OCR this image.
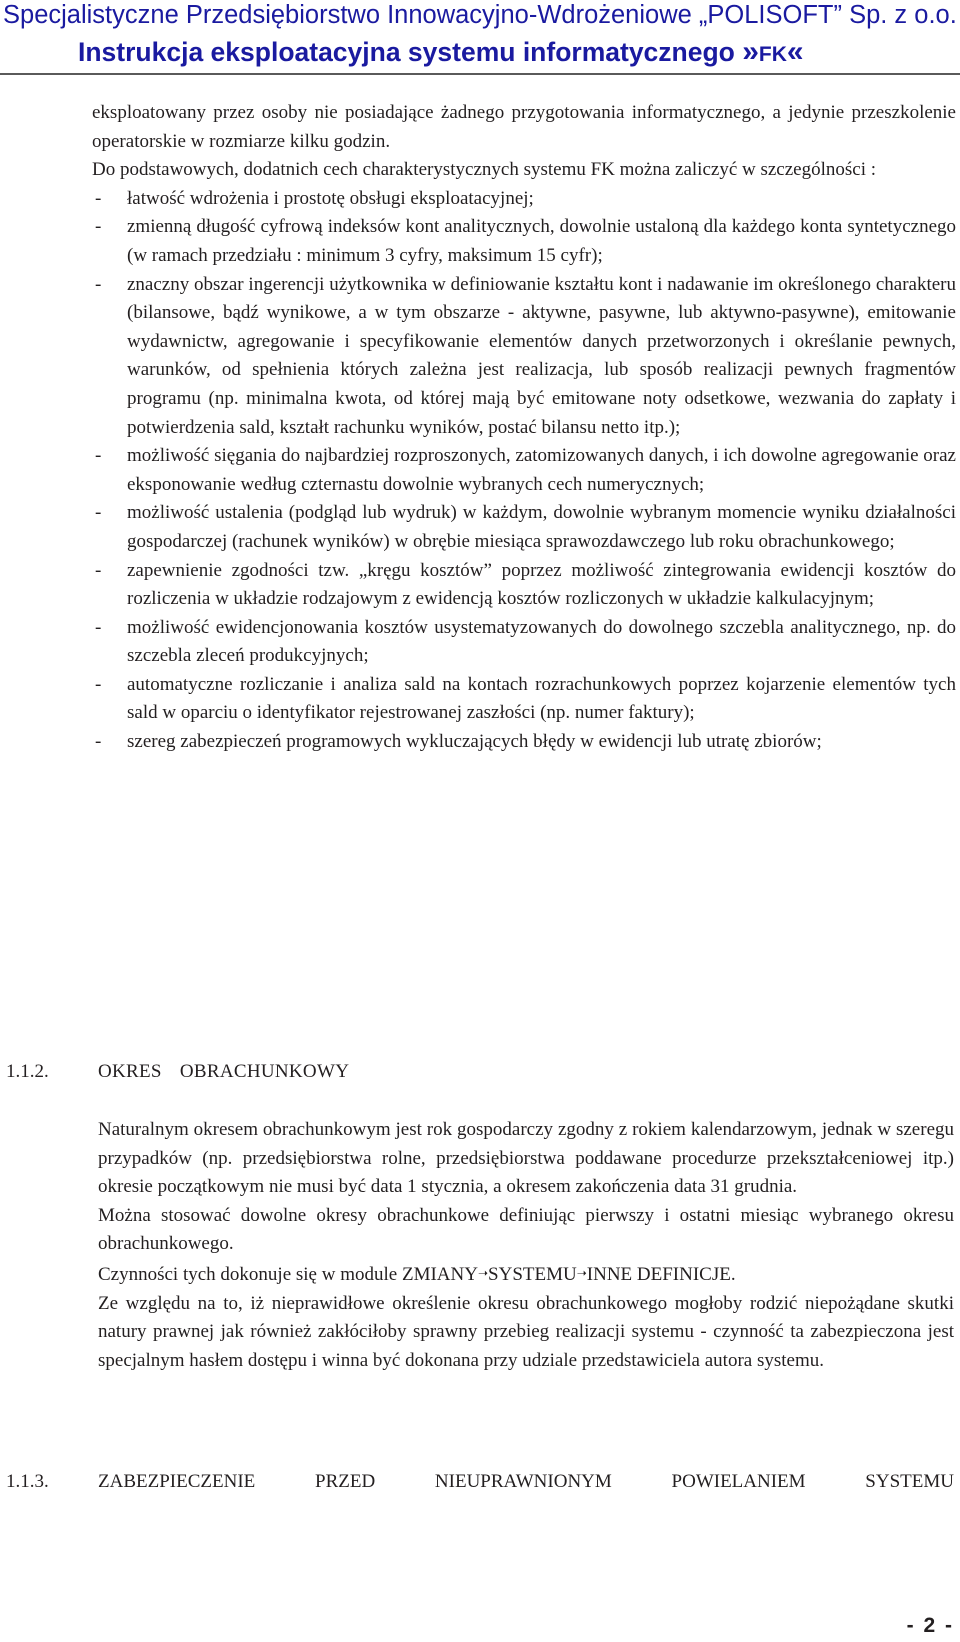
Specjalistyczne Przedsiębiorstwo Innowacyjno-Wdrożeniowe „POLISOFT” Sp. z o.o.
Instrukcja eksploatacyjna systemu informatycznego »FK«

eksploatowany przez osoby nie posiadające żadnego przygotowania informatycznego, a jedynie przeszkolenie operatorskie w rozmiarze kilku godzin.

Do podstawowych, dodatnich cech charakterystycznych systemu FK można zaliczyć w szczególności :

- łatwość wdrożenia i prostotę obsługi eksploatacyjnej;
- zmienną długość cyfrową indeksów kont analitycznych, dowolnie ustaloną dla każdego konta syntetycznego (w ramach przedziału : minimum 3 cyfry, maksimum 15 cyfr);
- znaczny obszar ingerencji użytkownika w definiowanie kształtu kont i nadawanie im określonego charakteru (bilansowe, bądź wynikowe, a w tym obszarze - aktywne, pasywne, lub aktywno-pasywne), emitowanie wydawnictw, agregowanie i specyfikowanie elementów danych przetworzonych i określanie pewnych, warunków, od spełnienia których zależna jest realizacja, lub sposób realizacji pewnych fragmentów programu (np. minimalna kwota, od której mają być emitowane noty odsetkowe, wezwania do zapłaty i potwierdzenia sald, kształt rachunku wyników, postać bilansu netto itp.);
- możliwość sięgania do najbardziej rozproszonych, zatomizowanych danych, i ich dowolne agregowanie oraz eksponowanie według czternastu dowolnie wybranych cech numerycznych;
- możliwość ustalenia (podgląd lub wydruk) w każdym, dowolnie wybranym momencie wyniku działalności gospodarczej (rachunek wyników) w obrębie miesiąca sprawozdawczego lub roku obrachunkowego;
- zapewnienie zgodności tzw. „kręgu kosztów” poprzez możliwość zintegrowania ewidencji kosztów do rozliczenia w układzie rodzajowym z ewidencją kosztów rozliczonych w układzie kalkulacyjnym;
- możliwość ewidencjonowania kosztów usystematyzowanych do dowolnego szczebla analitycznego, np. do szczebla zleceń produkcyjnych;
- automatyczne rozliczanie i analiza sald na kontach rozrachunkowych poprzez kojarzenie elementów tych sald w oparciu o identyfikator rejestrowanej zaszłości (np. numer faktury);
- szereg zabezpieczeń programowych wykluczających błędy w ewidencji lub utratę zbiorów;
1.1.2.	OKRES  OBRACHUNKOWY

Naturalnym okresem obrachunkowym jest rok gospodarczy zgodny z rokiem kalendarzowym, jednak w szeregu przypadków (np. przedsiębiorstwa rolne, przedsiębiorstwa poddawane procedurze przekształceniowej itp.) okresie początkowym nie musi być data 1 stycznia, a okresem zakończenia data 31 grudnia.

Można stosować dowolne okresy obrachunkowe definiując pierwszy i ostatni miesiąc wybranego okresu obrachunkowego.

Czynności tych dokonuje się w module ZMIANY➝SYSTEMU➝INNE DEFINICJE.

Ze względu na to, iż nieprawidłowe określenie okresu obrachunkowego mogłoby rodzić niepożądane skutki natury prawnej jak również zakłóciłoby sprawny przebieg realizacji systemu - czynność ta zabezpieczona jest specjalnym hasłem dostępu i winna być dokonana przy udziale przedstawiciela autora systemu.

1.1.3.	ZABEZPIECZENIE PRZED NIEUPRAWNIONYM POWIELANIEM SYSTEMU
- 2 -
